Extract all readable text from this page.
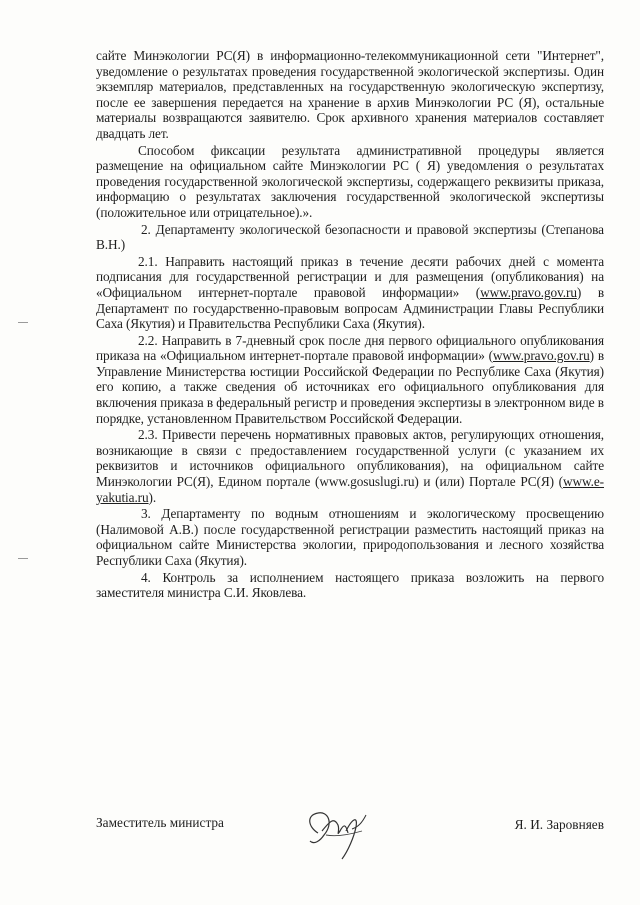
сайте Минэкологии РС(Я) в информационно-телекоммуникационной сети "Интернет", уведомление о результатах проведения государственной экологической экспертизы. Один экземпляр материалов, представленных на государственную экологическую экспертизу, после ее завершения передается на хранение в архив Минэкологии РС (Я), остальные материалы возвращаются заявителю. Срок архивного хранения материалов составляет двадцать лет.

Способом фиксации результата административной процедуры является размещение на официальном сайте Минэкологии РС ( Я) уведомления о результатах проведения государственной экологической экспертизы, содержащего реквизиты приказа, информацию о результатах заключения государственной экологической экспертизы (положительное или отрицательное).».

2. Департаменту экологической безопасности и правовой экспертизы (Степанова В.Н.)

2.1. Направить настоящий приказ в течение десяти рабочих дней с момента подписания для государственной регистрации и для размещения (опубликования) на «Официальном интернет-портале правовой информации» (www.pravo.gov.ru) в Департамент по государственно-правовым вопросам Администрации Главы Республики Саха (Якутия) и Правительства Республики Саха (Якутия).

2.2. Направить в 7-дневный срок после дня первого официального опубликования приказа на «Официальном интернет-портале правовой информации» (www.pravo.gov.ru) в Управление Министерства юстиции Российской Федерации по Республике Саха (Якутия) его копию, а также сведения об источниках его официального опубликования для включения приказа в федеральный регистр и проведения экспертизы в электронном виде в порядке, установленном Правительством Российской Федерации.

2.3. Привести перечень нормативных правовых актов, регулирующих отношения, возникающие в связи с предоставлением государственной услуги (с указанием их реквизитов и источников официального опубликования), на официальном сайте Минэкологии РС(Я), Едином портале (www.gosuslugi.ru) и (или) Портале РС(Я) (www.e-yakutia.ru).

3. Департаменту по водным отношениям и экологическому просвещению (Налимовой А.В.) после государственной регистрации разместить настоящий приказ на официальном сайте Министерства экологии, природопользования и лесного хозяйства Республики Саха (Якутия).

4. Контроль за исполнением настоящего приказа возложить на первого заместителя министра С.И. Яковлева.

Заместитель министра	Я. И. Заровняев
